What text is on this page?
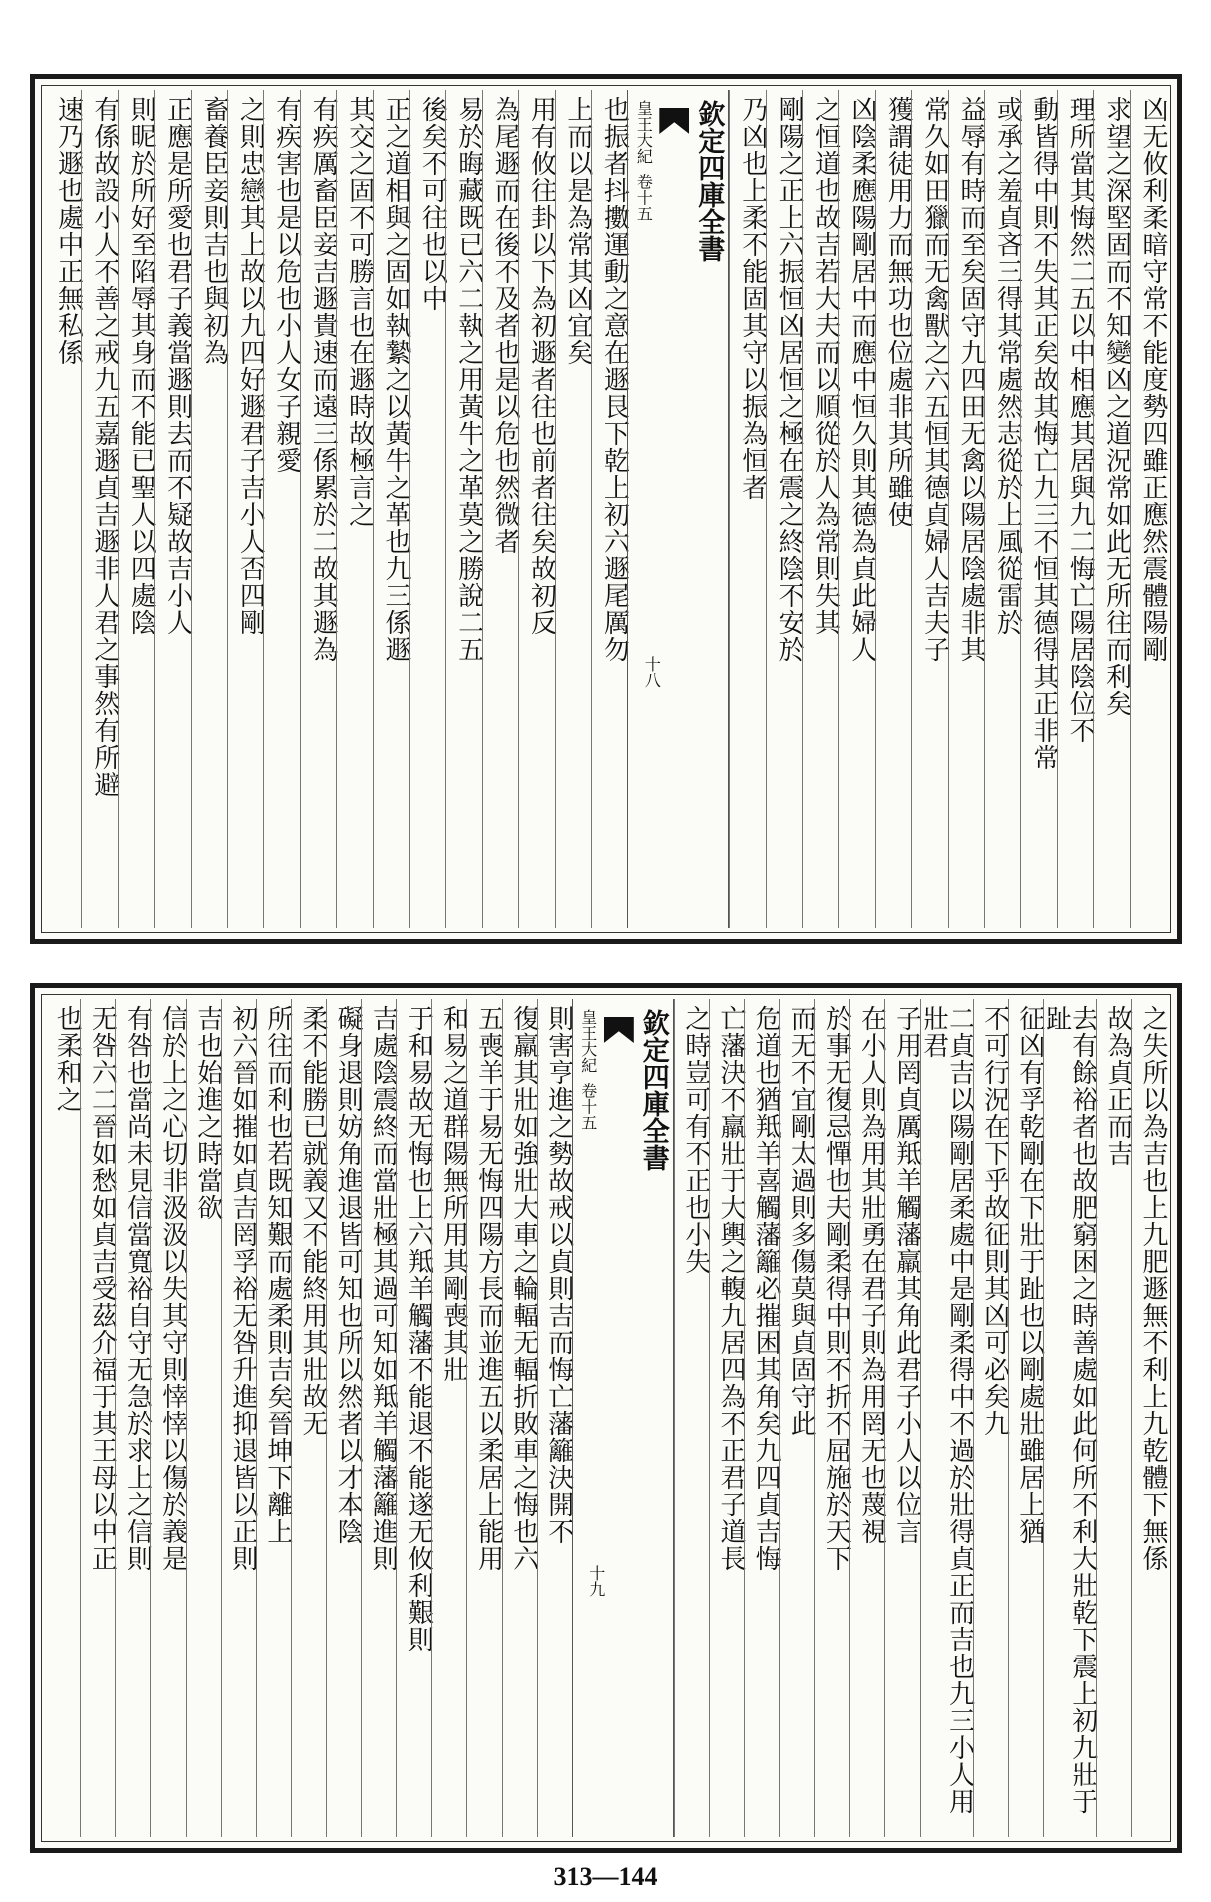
凶无攸利柔暗守常不能度勢四雖正應然震體陽剛
求望之深堅固而不知變凶之道況常如此无所往而利矣
理所當其悔然二五以中相應其居與九二悔亡陽居陰位不
動皆得中則不失其正矣故其悔亡九三不恒其德得其正非常
或承之羞貞吝三得其常處然志從於上風從雷於
益辱有時而至矣固守九四田无禽以陽居陰處非其
常久如田獵而无禽獸之六五恒其德貞婦人吉夫子
獲謂徒用力而無功也位處非其所雖使
凶陰柔應陽剛居中而應中恒久則其德為貞此婦人
之恒道也故吉若大夫而以順從於人為常則失其
剛陽之正上六振恒凶居恒之極在震之終陰不安於
乃凶也上柔不能固其守以振為恒者
欽定四庫全書
皇王大紀 卷十五
十八
也振者抖擻運動之意在遯艮下乾上初六遯尾厲勿
上而以是為常其凶宜矣
用有攸往卦以下為初遯者往也前者往矣故初反
為尾遯而在後不及者也是以危也然微者
易於晦藏既已六二執之用黃牛之革莫之勝說二五
後矣不可往也以中
正之道相與之固如執縶之以黃牛之革也九三係遯
其交之固不可勝言也在遯時故極言之
有疾厲畜臣妾吉遯貴速而遠三係累於二故其遯為
有疾害也是以危也小人女子親愛
之則忠戀其上故以九四好遯君子吉小人否四剛
畜養臣妾則吉也與初為
正應是所愛也君子義當遯則去而不疑故吉小人
則昵於所好至陷辱其身而不能已聖人以四處陰
有係故設小人不善之戒九五嘉遯貞吉遯非人君之事然有所避
速乃遯也處中正無私係
之失所以為吉也上九肥遯無不利上九乾體下無係
故為貞正而吉
去有餘裕者也故肥窮困之時善處如此何所不利大壯乾下震上初九壯于趾
征凶有孚乾剛在下壯于趾也以剛處壯雖居上猶
不可行況在下乎故征則其凶可必矣九
二貞吉以陽剛居柔處中是剛柔得中不過於壯得貞正而吉也九三小人用壯君
子用罔貞厲羝羊觸藩羸其角此君子小人以位言
在小人則為用其壯勇在君子則為用罔无也蔑視
於事无復忌憚也夫剛柔得中則不折不屈施於天下
而无不宜剛太過則多傷莫與貞固守此
危道也猶羝羊喜觸藩籬必摧困其角矣九四貞吉悔
亡藩決不羸壯于大輿之輹九居四為不正君子道長
之時豈可有不正也小失
欽定四庫全書
皇王大紀 卷十五
十九
則害亨進之勢故戒以貞則吉而悔亡藩籬決開不
復羸其壯如強壯大車之輪輻无輻折敗車之悔也六
五喪羊于易无悔四陽方長而並進五以柔居上能用
和易之道群陽無所用其剛喪其壯
于和易故无悔也上六羝羊觸藩不能退不能遂无攸利艱則
吉處陰震終而當壯極其過可知如羝羊觸藩籬進則
礙身退則妨角進退皆可知也所以然者以才本陰
柔不能勝已就義又不能終用其壯故无
所往而利也若既知艱而處柔則吉矣晉坤下離上
初六晉如摧如貞吉罔孚裕无咎升進抑退皆以正則
吉也始進之時當欲
信於上之心切非汲汲以失其守則悻悻以傷於義是
有咎也當尚未見信當寬裕自守无急於求上之信則
无咎六二晉如愁如貞吉受茲介福于其王母以中正
也柔和之
313—144
